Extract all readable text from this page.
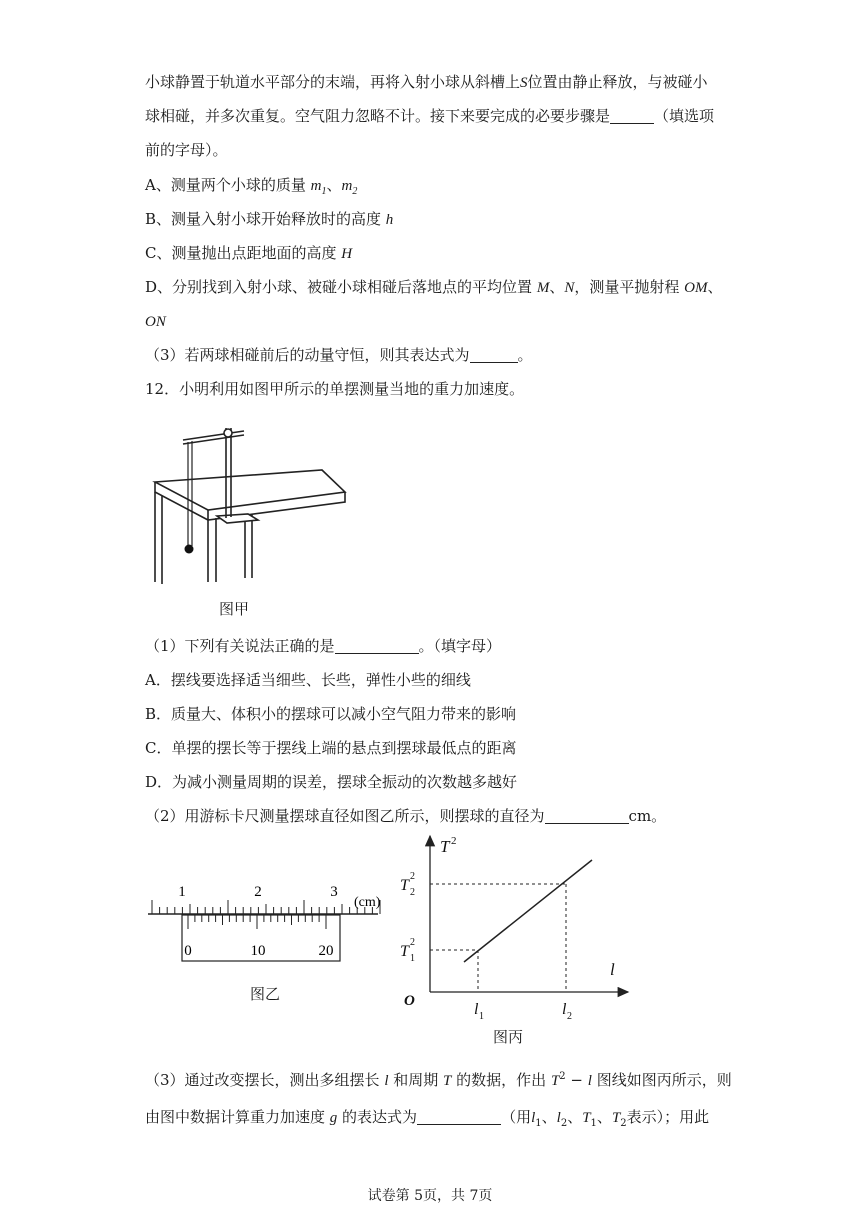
小球静置于轨道水平部分的末端，再将入射小球从斜槽上S位置由静止释放，与被碰小
球相碰，并多次重复。空气阻力忽略不计。接下来要完成的必要步骤是	（填选项
前的字母）。
A、测量两个小球的质量 $m_1$、$m_2$
B、测量入射小球开始释放时的高度 h
C、测量抛出点距地面的高度 H
D、分别找到入射小球、被碰小球相碰后落地点的平均位置 M、N，测量平抛射程 OM、
ON
（3）若两球相碰前后的动量守恒，则其表达式为	。
12．小明利用如图甲所示的单摆测量当地的重力加速度。
图甲
（1）下列有关说法正确的是	。（填字母）
A．摆线要选择适当细些、长些，弹性小些的细线
B．质量大、体积小的摆球可以减小空气阻力带来的影响
C．单摆的摆长等于摆线上端的悬点到摆球最低点的距离
D．为减小测量周期的误差，摆球全振动的次数越多越好
（2）用游标卡尺测量摆球直径如图乙所示，则摆球的直径为	cm。
1	2	3
(cm)
0	10	20
图乙
T 2
l
O
T 1
2
T 2
2
l 1	l 2
图丙
（3）通过改变摆长，测出多组摆长 l 和周期 T 的数据，作出 $T^2 - l$ 图线如图丙所示，则
由图中数据计算重力加速度 g 的表达式为	（用$l_1$、$l_2$、$T_1$、$T_2$表示）；用此
试卷第 5页，共 7页
